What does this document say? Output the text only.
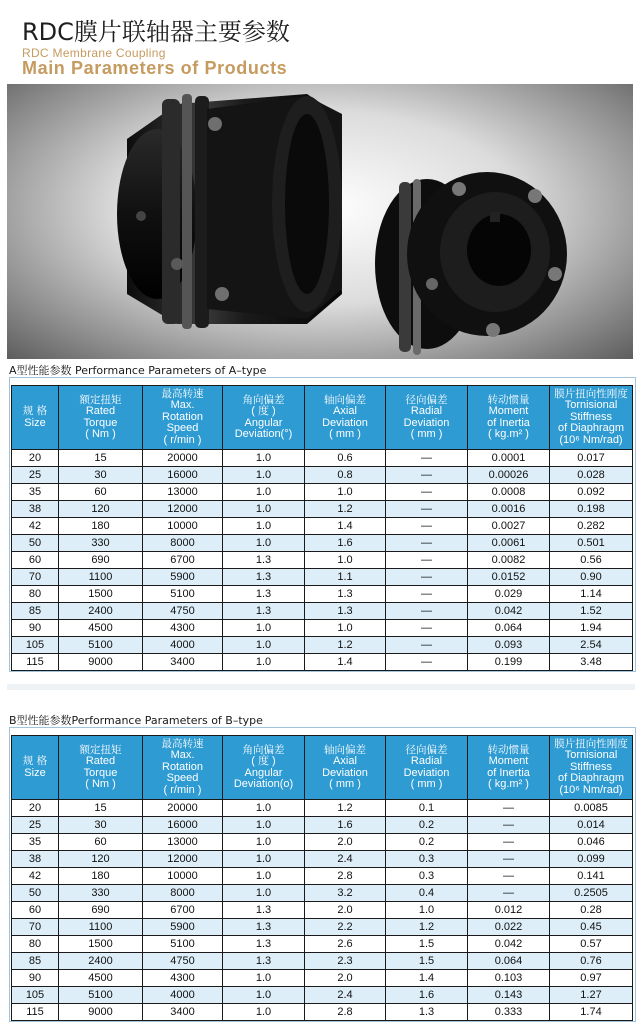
RDC膜片联轴器主要参数
RDC Membrane Coupling
Main Parameters of Products
A型性能参数 Performance Parameters of A–type
规 格
Size	额定扭矩
Rated
Torque
( Nm )	最高转速
Max.
Rotation
Speed
( r/min )	角向偏差
( 度 )
Angular
Deviation(°)	轴向偏差
Axial
Deviation
( mm )	径向偏差
Radial
Deviation
( mm )	转动惯量
Moment
of Inertia
( kg.m² )	膜片扭向性刚度
Tornisional
Stiffness
of Diaphragm
(10⁶ Nm/rad)

20	15	20000	1.0	0.6	—	0.0001	0.017
25	30	16000	1.0	0.8	—	0.00026	0.028
35	60	13000	1.0	1.0	—	0.0008	0.092
38	120	12000	1.0	1.2	—	0.0016	0.198
42	180	10000	1.0	1.4	—	0.0027	0.282
50	330	8000	1.0	1.6	—	0.0061	0.501
60	690	6700	1.3	1.0	—	0.0082	0.56
70	1100	5900	1.3	1.1	—	0.0152	0.90
80	1500	5100	1.3	1.3	—	0.029	1.14
85	2400	4750	1.3	1.3	—	0.042	1.52
90	4500	4300	1.0	1.0	—	0.064	1.94
105	5100	4000	1.0	1.2	—	0.093	2.54
115	9000	3400	1.0	1.4	—	0.199	3.48
B型性能参数Performance Parameters of B–type
规 格
Size	额定扭矩
Rated
Torque
( Nm )	最高转速
Max.
Rotation
Speed
( r/min )	角向偏差
( 度 )
Angular
Deviation(o)	轴向偏差
Axial
Deviation
( mm )	径向偏差
Radial
Deviation
( mm )	转动惯量
Moment
of Inertia
( kg.m² )	膜片扭向性刚度
Tornisional
Stiffness
of Diaphragm
(10⁶ Nm/rad)

20	15	20000	1.0	1.2	0.1	—	0.0085
25	30	16000	1.0	1.6	0.2	—	0.014
35	60	13000	1.0	2.0	0.2	—	0.046
38	120	12000	1.0	2.4	0.3	—	0.099
42	180	10000	1.0	2.8	0.3	—	0.141
50	330	8000	1.0	3.2	0.4	—	0.2505
60	690	6700	1.3	2.0	1.0	0.012	0.28
70	1100	5900	1.3	2.2	1.2	0.022	0.45
80	1500	5100	1.3	2.6	1.5	0.042	0.57
85	2400	4750	1.3	2.3	1.5	0.064	0.76
90	4500	4300	1.0	2.0	1.4	0.103	0.97
105	5100	4000	1.0	2.4	1.6	0.143	1.27
115	9000	3400	1.0	2.8	1.3	0.333	1.74
